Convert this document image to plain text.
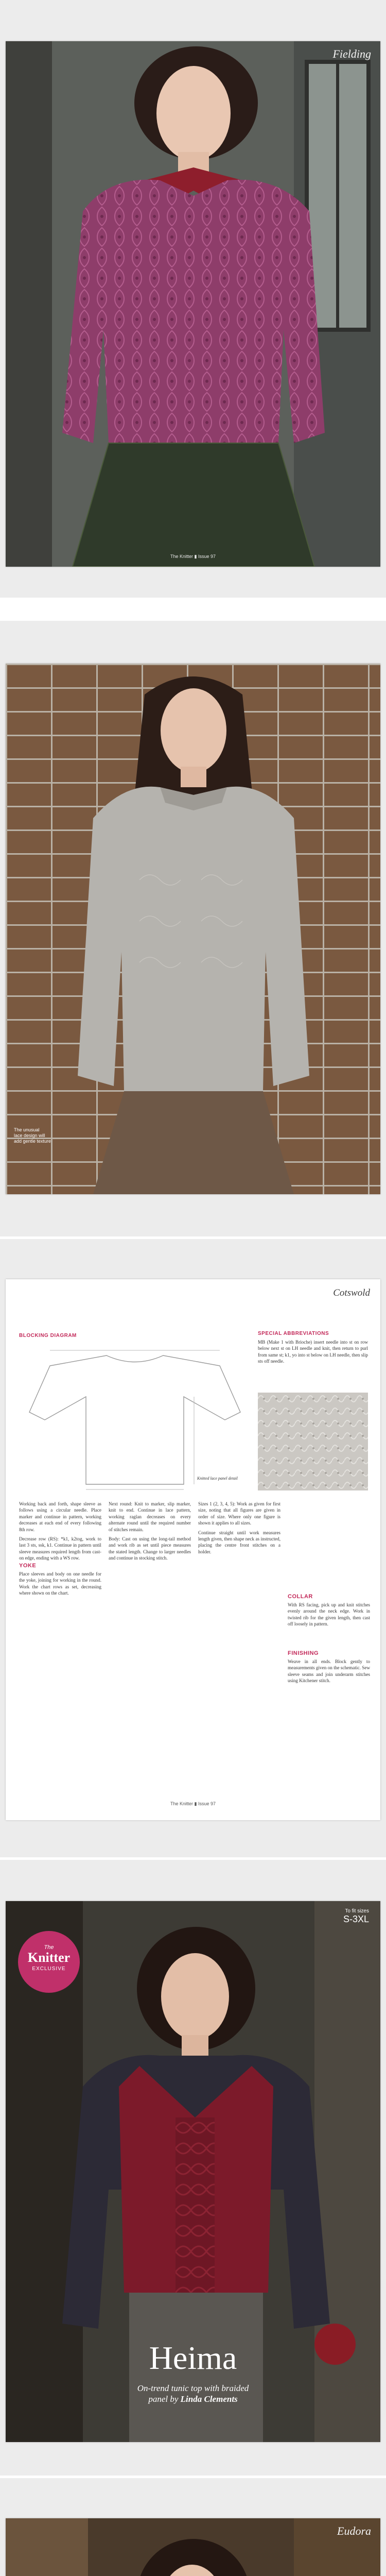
Fielding
The Knitter ▮ Issue 97
The unusual
lace design will
add gentle texture
Cotswold
BLOCKING DIAGRAM	SPECIAL ABBREVIATIONS
MB (Make 1 with Brioche) insert needle into st on row below next st on LH needle and knit, then return to purl from same st; k1, yo into st below on LH needle, then slip sts off needle.
Knitted lace panel detail

Working back and forth, shape sleeve as follows using a circular needle. Place marker and continue in pattern, working decreases at each end of every following 8th row.

Decrease row (RS): *k1, k2tog, work to last 3 sts, ssk, k1. Continue in pattern until sleeve measures required length from cast-on edge, ending with a WS row.

YOKE

Place sleeves and body on one needle for the yoke, joining for working in the round. Work the chart rows as set, decreasing where shown on the chart.

Next round: Knit to marker, slip marker, knit to end. Continue in lace pattern, working raglan decreases on every alternate round until the required number of stitches remain.

Body: Cast on using the long-tail method and work rib as set until piece measures the stated length. Change to larger needles and continue in stocking stitch.

Sizes 1 (2, 3, 4, 5): Work as given for first size, noting that all figures are given in order of size. Where only one figure is shown it applies to all sizes.

Continue straight until work measures length given, then shape neck as instructed, placing the centre front stitches on a holder.

COLLAR

With RS facing, pick up and knit stitches evenly around the neck edge. Work in twisted rib for the given length, then cast off loosely in pattern.

FINISHING

Weave in all ends. Block gently to measurements given on the schematic. Sew sleeve seams and join underarm stitches using Kitchener stitch.

The Knitter ▮ Issue 97
The
Knitter
EXCLUSIVE
To fit sizes
S-3XL
Heima
On-trend tunic top with braided
panel by Linda Clements
Eudora
